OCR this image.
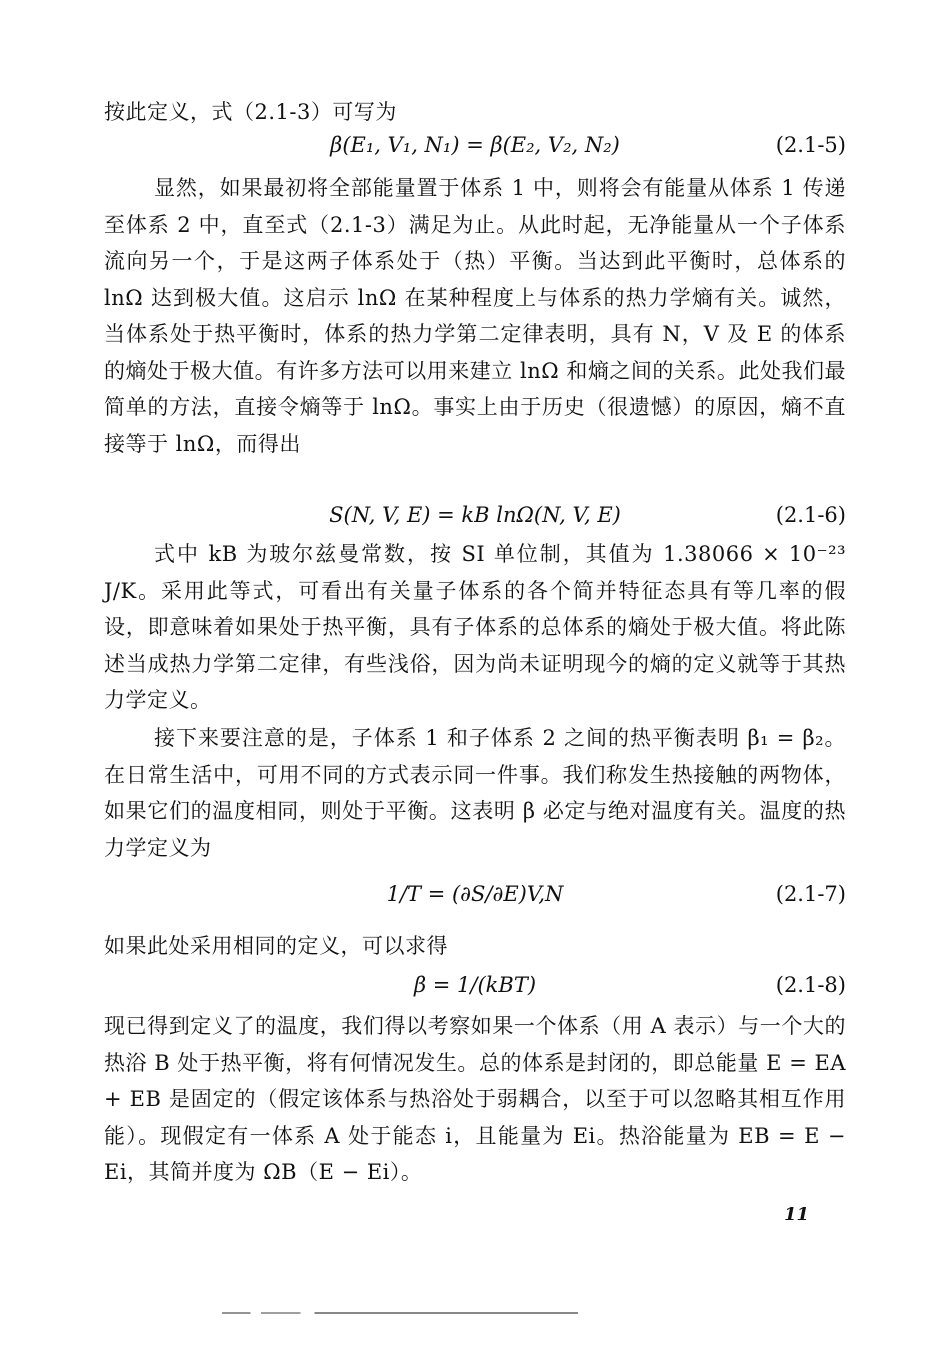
按此定义，式（2.1-3）可写为

β(E₁, V₁, N₁) = β(E₂, V₂, N₂)	(2.1-5)

显然，如果最初将全部能量置于体系 1 中，则将会有能量从体系 1 传递至体系 2 中，直至式（2.1-3）满足为止。从此时起，无净能量从一个子体系流向另一个，于是这两子体系处于（热）平衡。当达到此平衡时，总体系的 lnΩ 达到极大值。这启示 lnΩ 在某种程度上与体系的热力学熵有关。诚然，当体系处于热平衡时，体系的热力学第二定律表明，具有 N，V 及 E 的体系的熵处于极大值。有许多方法可以用来建立 lnΩ 和熵之间的关系。此处我们最简单的方法，直接令熵等于 lnΩ。事实上由于历史（很遗憾）的原因，熵不直接等于 lnΩ，而得出

S(N, V, E) = kB lnΩ(N, V, E)	(2.1-6)

式中 kB 为玻尔兹曼常数，按 SI 单位制，其值为 1.38066 × 10⁻²³ J/K。采用此等式，可看出有关量子体系的各个简并特征态具有等几率的假设，即意味着如果处于热平衡，具有子体系的总体系的熵处于极大值。将此陈述当成热力学第二定律，有些浅俗，因为尚未证明现今的熵的定义就等于其热力学定义。

接下来要注意的是，子体系 1 和子体系 2 之间的热平衡表明 β₁ = β₂。在日常生活中，可用不同的方式表示同一件事。我们称发生热接触的两物体，如果它们的温度相同，则处于平衡。这表明 β 必定与绝对温度有关。温度的热力学定义为

1/T = (∂S/∂E)V,N	(2.1-7)

如果此处采用相同的定义，可以求得

β = 1/(kBT)	(2.1-8)

现已得到定义了的温度，我们得以考察如果一个体系（用 A 表示）与一个大的热浴 B 处于热平衡，将有何情况发生。总的体系是封闭的，即总能量 E = EA + EB 是固定的（假定该体系与热浴处于弱耦合，以至于可以忽略其相互作用能）。现假定有一体系 A 处于能态 i，且能量为 Ei。热浴能量为 EB = E − Ei，其简并度为 ΩB（E − Ei）。

11
